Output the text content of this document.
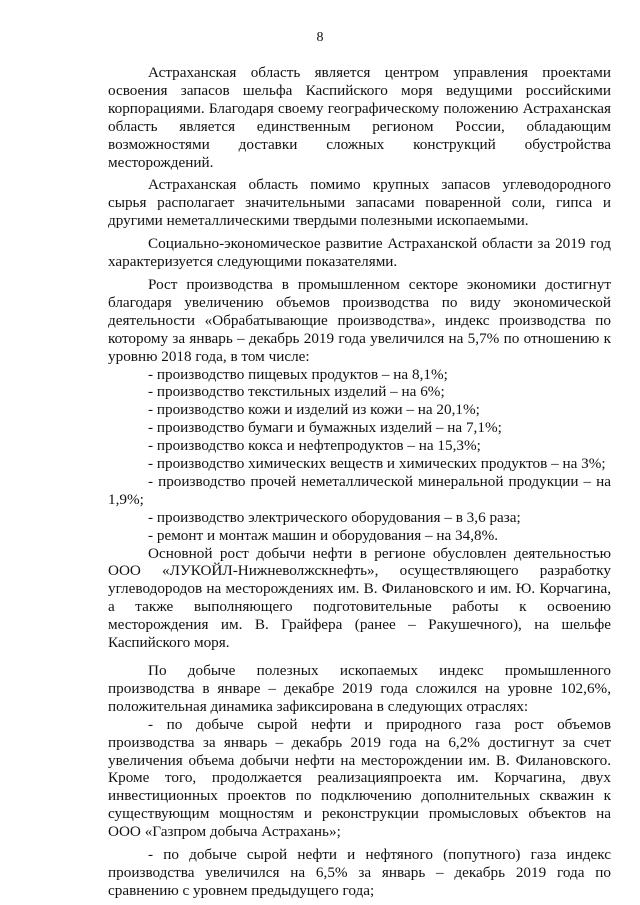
8

Астраханская область является центром управления проектами освоения запасов шельфа Каспийского моря ведущими российскими корпорациями. Благодаря своему географическому положению Астраханская область является единственным регионом России, обладающим возможностями доставки сложных конструкций обустройства месторождений.

Астраханская область помимо крупных запасов углеводородного сырья располагает значительными запасами поваренной соли, гипса и другими неметаллическими твердыми полезными ископаемыми.

Социально-экономическое развитие Астраханской области за 2019 год характеризуется следующими показателями.

Рост производства в промышленном секторе экономики достигнут благодаря увеличению объемов производства по виду экономической деятельности «Обрабатывающие производства», индекс производства по которому за январь – декабрь 2019 года увеличился на 5,7% по отношению к уровню 2018 года, в том числе:

- производство пищевых продуктов – на 8,1%;

- производство текстильных изделий – на 6%;

- производство кожи и изделий из кожи – на 20,1%;

- производство бумаги и бумажных изделий – на 7,1%;

- производство кокса и нефтепродуктов – на 15,3%;

- производство химических веществ и химических продуктов – на 3%;

- производство прочей неметаллической минеральной продукции – на 1,9%;

- производство электрического оборудования – в 3,6 раза;

- ремонт и монтаж машин и оборудования – на 34,8%.

Основной рост добычи нефти в регионе обусловлен деятельностью ООО «ЛУКОЙЛ-Нижневолжскнефть», осуществляющего разработку углеводородов на месторождениях им. В. Филановского и им. Ю. Корчагина, а также выполняющего подготовительные работы к освоению месторождения им. В. Грайфера (ранее – Ракушечного), на шельфе Каспийского моря.

По добыче полезных ископаемых индекс промышленного производства в январе – декабре 2019 года сложился на уровне 102,6%, положительная динамика зафиксирована в следующих отраслях:

- по добыче сырой нефти и природного газа рост объемов производства за январь – декабрь 2019 года на 6,2% достигнут за счет увеличения объема добычи нефти на месторождении им. В. Филановского. Кроме того, продолжается реализацияпроекта им. Корчагина, двух инвестиционных проектов по подключению дополнительных скважин к существующим мощностям и реконструкции промысловых объектов на ООО «Газпром добыча Астрахань»;

- по добыче сырой нефти и нефтяного (попутного) газа индекс производства увеличился на 6,5% за январь – декабрь 2019 года по сравнению с уровнем предыдущего года;
